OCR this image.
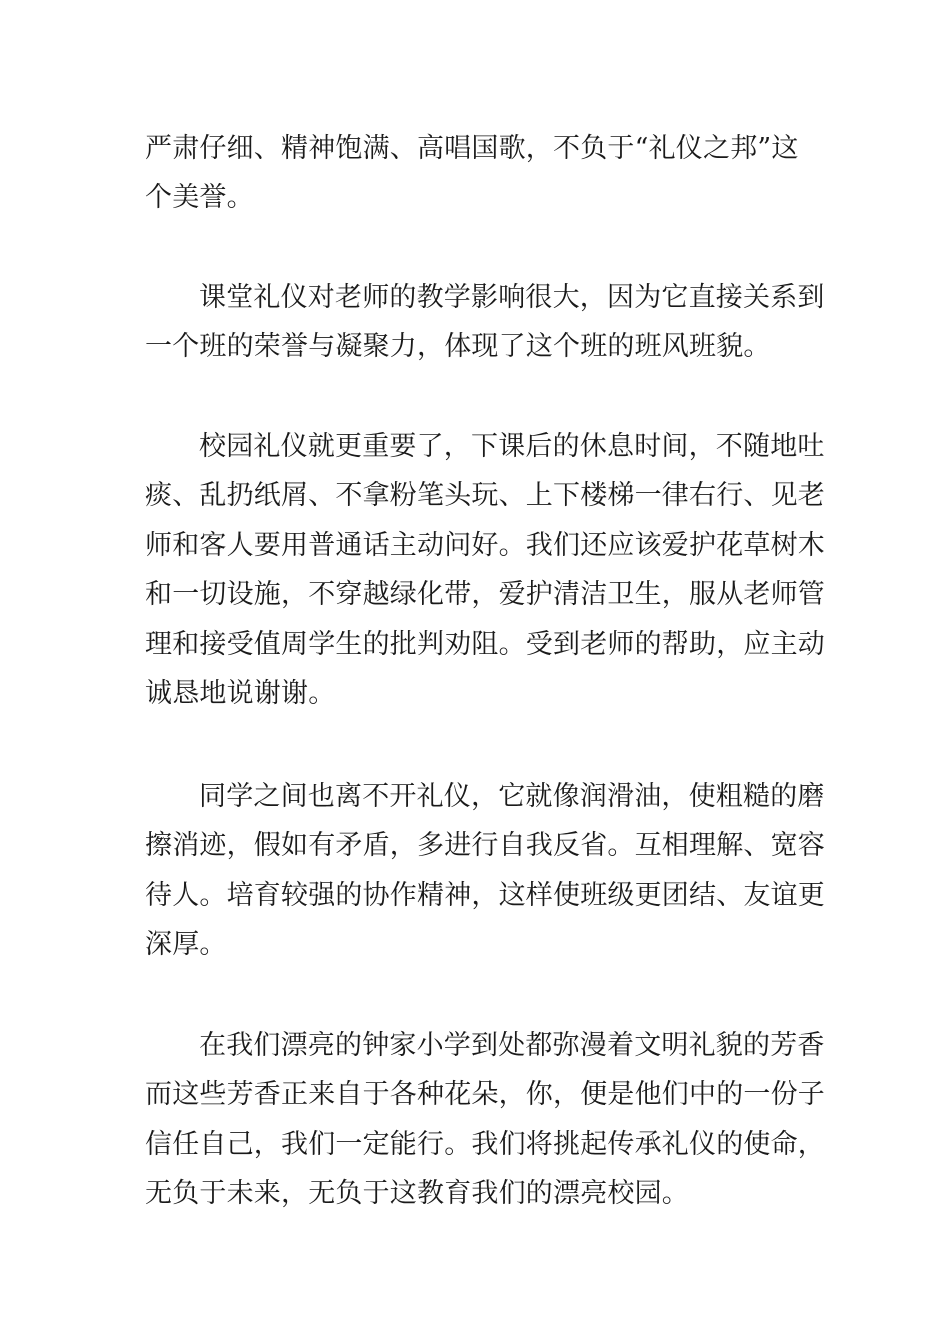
严肃仔细、精神饱满、高唱国歌，不负于“礼仪之邦”这
个美誉。
课堂礼仪对老师的教学影响很大，因为它直接关系到
一个班的荣誉与凝聚力，体现了这个班的班风班貌。
校园礼仪就更重要了，下课后的休息时间，不随地吐
痰、乱扔纸屑、不拿粉笔头玩、上下楼梯一律右行、见老
师和客人要用普通话主动问好。我们还应该爱护花草树木
和一切设施，不穿越绿化带，爱护清洁卫生，服从老师管
理和接受值周学生的批判劝阻。受到老师的帮助，应主动
诚恳地说谢谢。
同学之间也离不开礼仪，它就像润滑油，使粗糙的磨
擦消迹，假如有矛盾，多进行自我反省。互相理解、宽容
待人。培育较强的协作精神，这样使班级更团结、友谊更
深厚。
在我们漂亮的钟家小学到处都弥漫着文明礼貌的芳香
而这些芳香正来自于各种花朵，你，便是他们中的一份子
信任自己，我们一定能行。我们将挑起传承礼仪的使命，
无负于未来，无负于这教育我们的漂亮校园。
